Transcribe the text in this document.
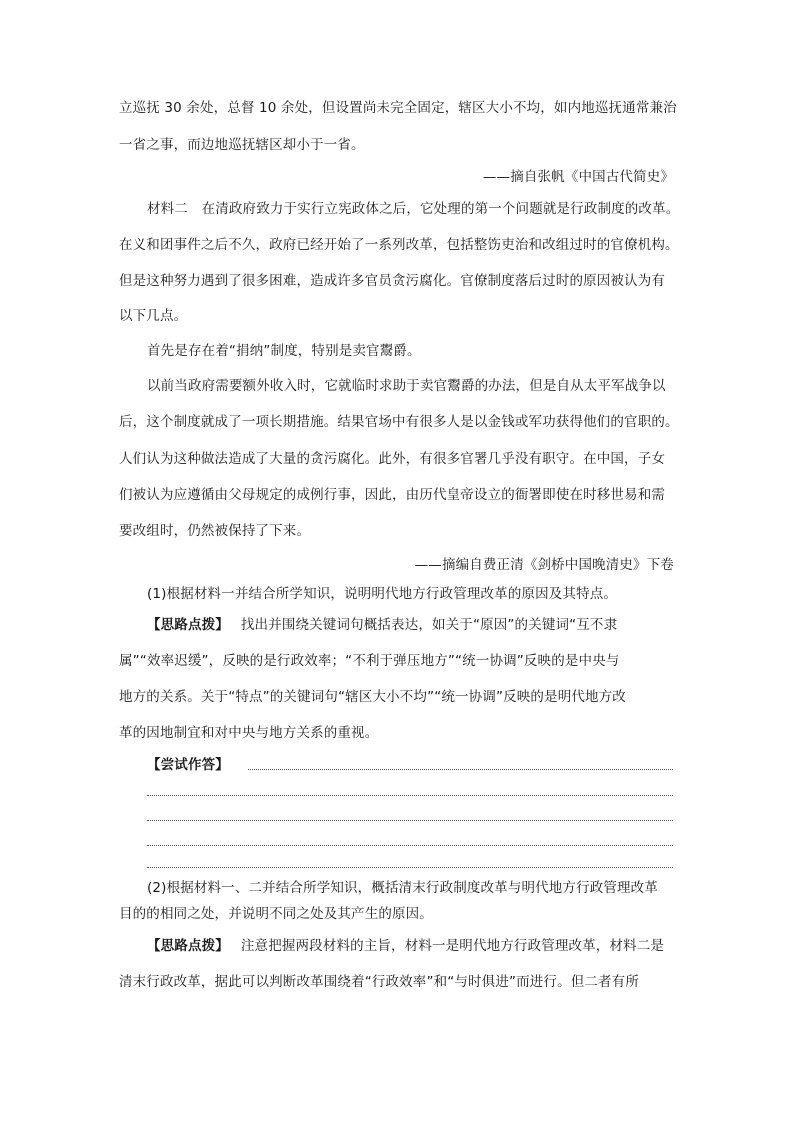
立巡抚 30 余处，总督 10 余处，但设置尚未完全固定，辖区大小不均，如内地巡抚通常兼治
一省之事，而边地巡抚辖区却小于一省。
——摘自张帆《中国古代简史》
材料二　在清政府致力于实行立宪政体之后，它处理的第一个问题就是行政制度的改革。
在义和团事件之后不久，政府已经开始了一系列改革，包括整饬吏治和改组过时的官僚机构。
但是这种努力遇到了很多困难，造成许多官员贪污腐化。官僚制度落后过时的原因被认为有
以下几点。
首先是存在着“捐纳”制度，特别是卖官鬻爵。
以前当政府需要额外收入时，它就临时求助于卖官鬻爵的办法，但是自从太平军战争以
后，这个制度就成了一项长期措施。结果官场中有很多人是以金钱或军功获得他们的官职的。
人们认为这种做法造成了大量的贪污腐化。此外，有很多官署几乎没有职守。在中国，子女
们被认为应遵循由父母规定的成例行事，因此，由历代皇帝设立的衙署即使在时移世易和需
要改组时，仍然被保持了下来。
——摘编自费正清《剑桥中国晚清史》下卷
(1)根据材料一并结合所学知识，说明明代地方行政管理改革的原因及其特点。
【思路点拨】 找出并围绕关键词句概括表达，如关于“原因”的关键词“互不隶
属”“效率迟缓”，反映的是行政效率；“不利于弹压地方”“统一协调”反映的是中央与
地方的关系。关于“特点”的关键词句“辖区大小不均”“统一协调”反映的是明代地方改
革的因地制宜和对中央与地方关系的重视。
【尝试作答】
(2)根据材料一、二并结合所学知识，概括清末行政制度改革与明代地方行政管理改革
目的的相同之处，并说明不同之处及其产生的原因。
【思路点拨】 注意把握两段材料的主旨，材料一是明代地方行政管理改革，材料二是
清末行政改革，据此可以判断改革围绕着“行政效率”和“与时俱进”而进行。但二者有所
